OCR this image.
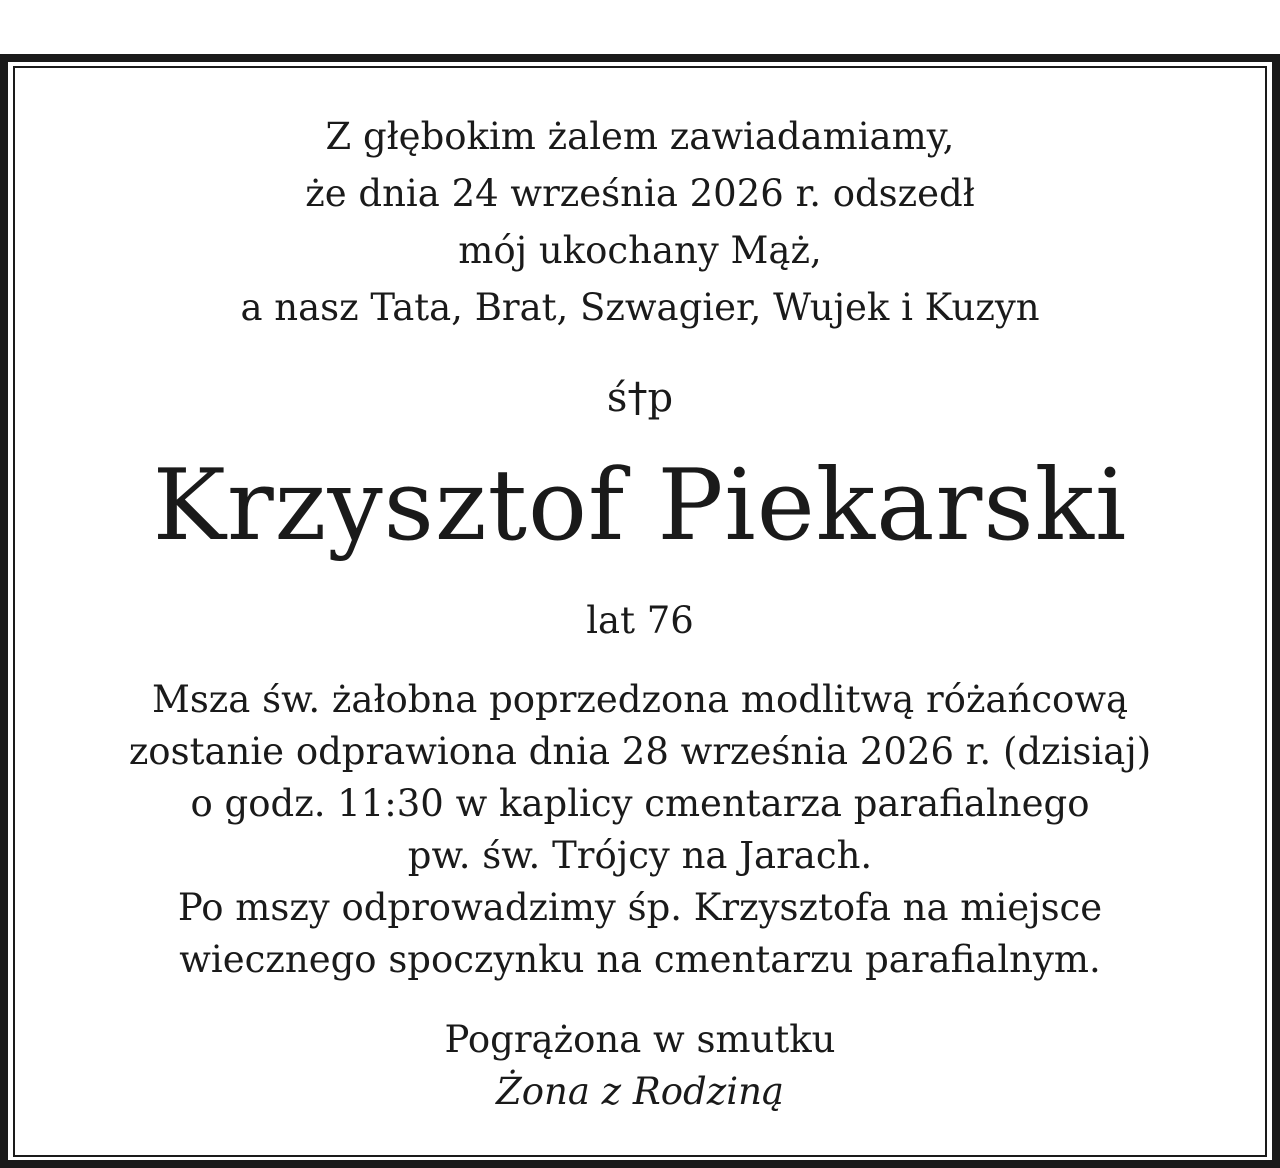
Z głębokim żalem zawiadamiamy,
że dnia 24 września 2026 r. odszedł
mój ukochany Mąż,
a nasz Tata, Brat, Szwagier, Wujek i Kuzyn
ś†p
Krzysztof Piekarski
lat 76
Msza św. żałobna poprzedzona modlitwą różańcową
zostanie odprawiona dnia 28 września 2026 r. (dzisiaj)
o godz. 11:30 w kaplicy cmentarza parafialnego
pw. św. Trójcy na Jarach.
Po mszy odprowadzimy śp. Krzysztofa na miejsce
wiecznego spoczynku na cmentarzu parafialnym.
Pogrążona w smutku
Żona z Rodziną
